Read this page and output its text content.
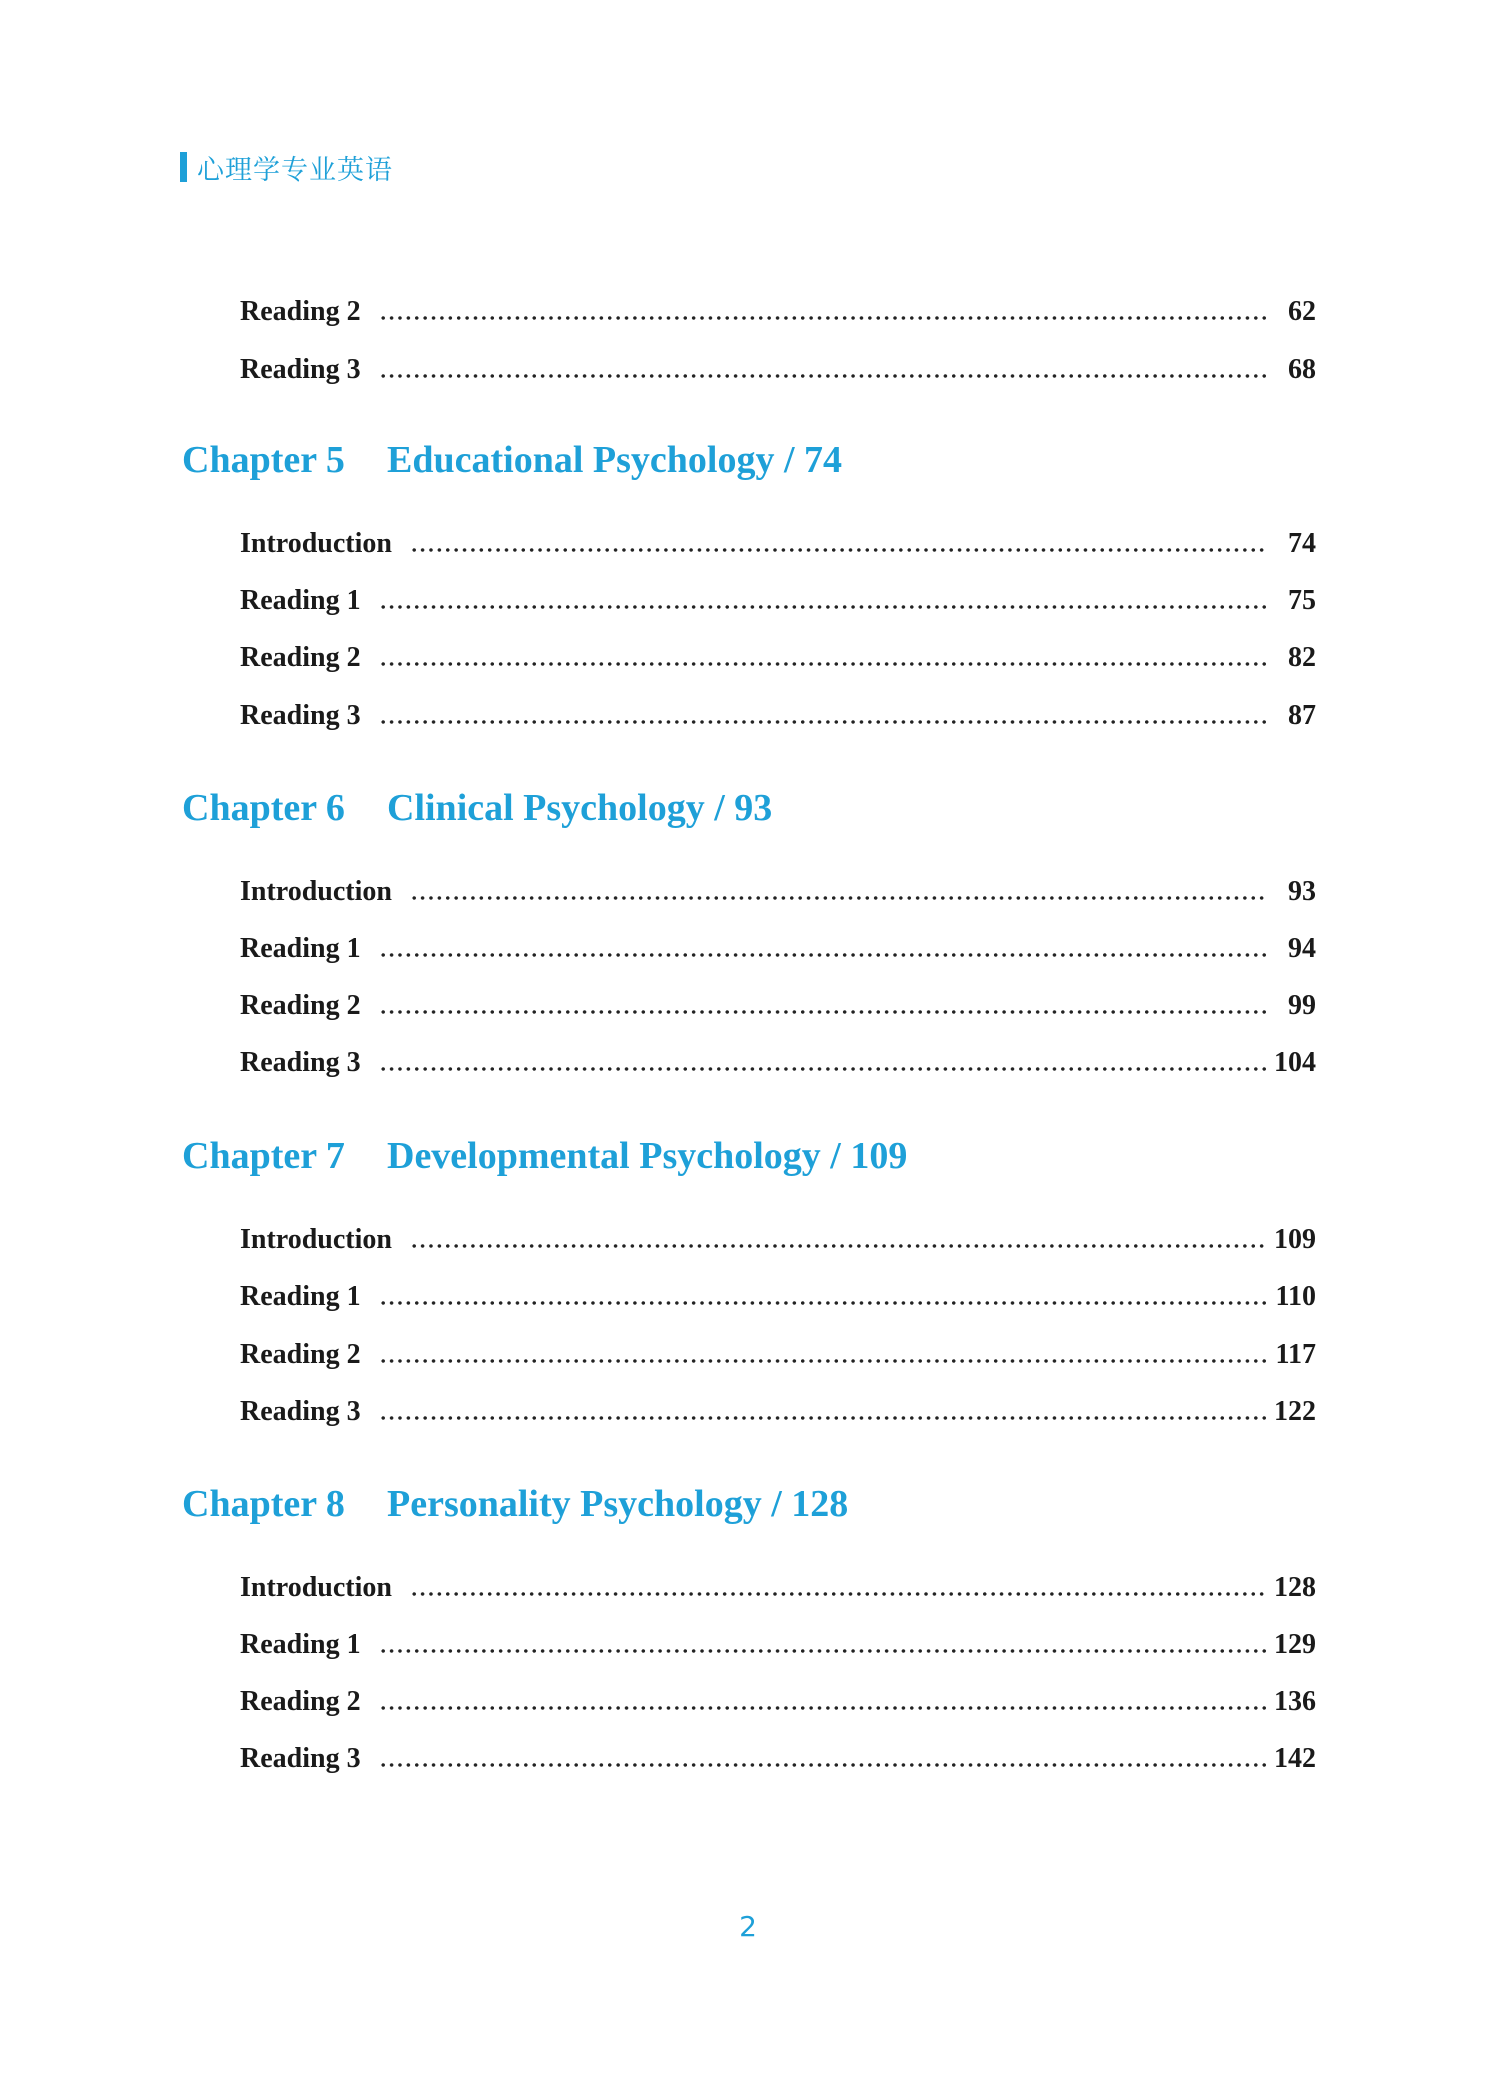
心理学专业英语
Reading 2	62
Reading 3	68
Chapter 5	Educational Psychology / 74
Introduction	74
Reading 1	75
Reading 2	82
Reading 3	87
Chapter 6	Clinical Psychology / 93
Introduction	93
Reading 1	94
Reading 2	99
Reading 3	104
Chapter 7	Developmental Psychology / 109
Introduction	109
Reading 1	110
Reading 2	117
Reading 3	122
Chapter 8	Personality Psychology / 128
Introduction	128
Reading 1	129
Reading 2	136
Reading 3	142
2
